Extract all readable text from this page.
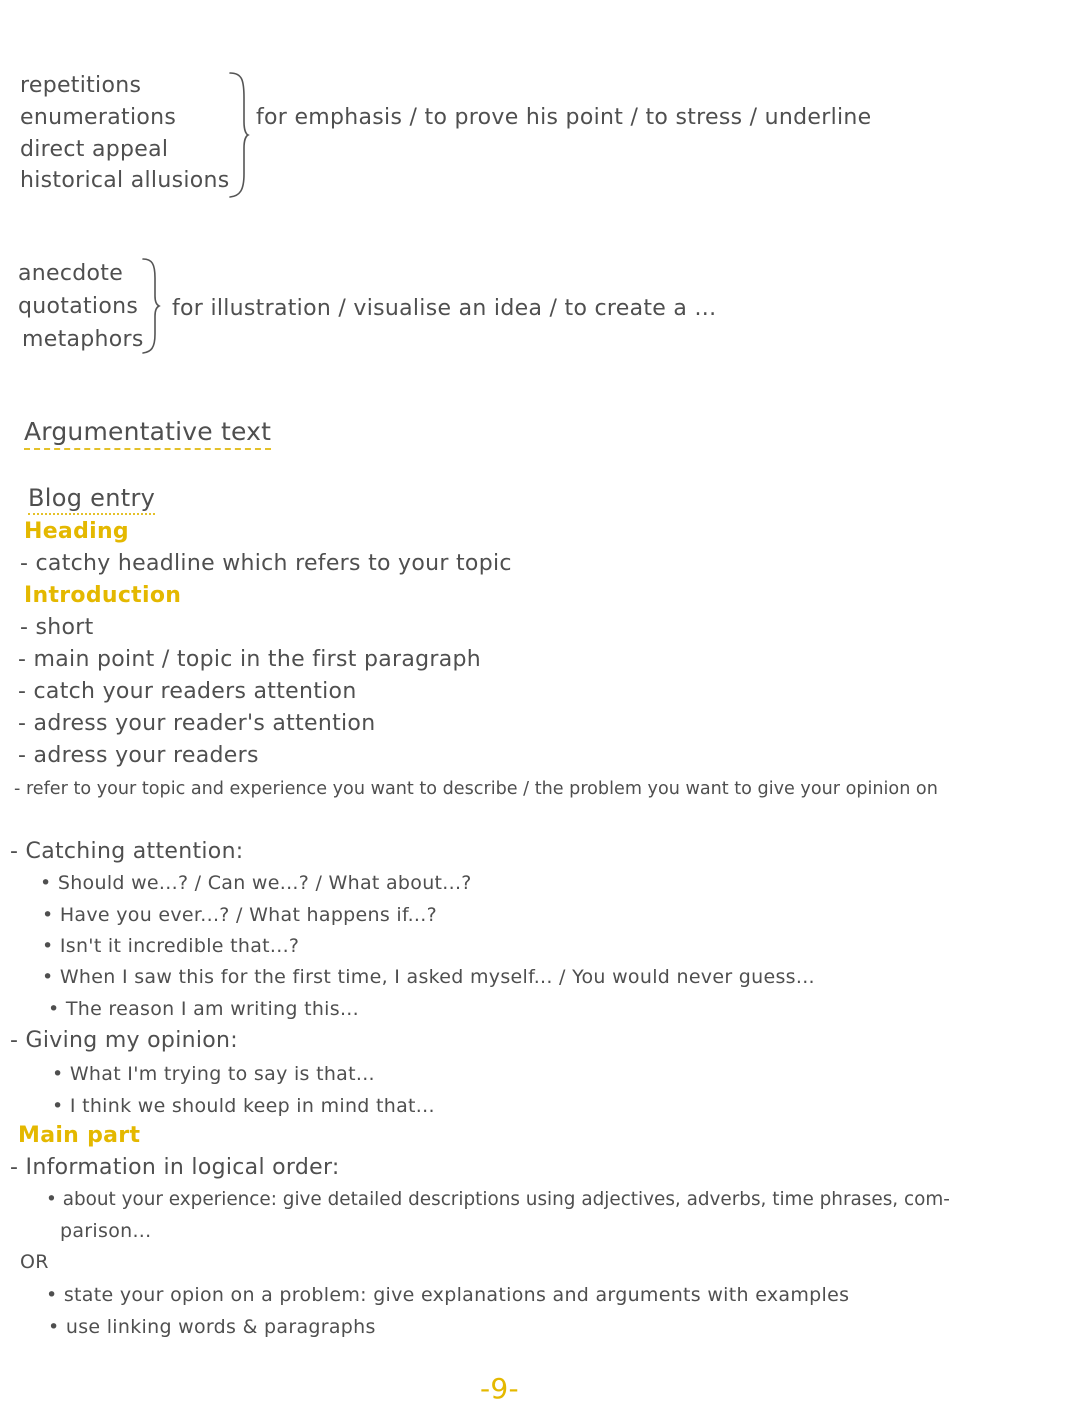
repetitions
enumerations
direct appeal
historical allusions
for emphasis / to prove his point / to stress / underline
anecdote
quotations
metaphors
for illustration / visualise an idea / to create a ...
Argumentative text
Blog entry
Heading
- catchy headline which refers to your topic
Introduction
- short
- main point / topic in the first paragraph
- catch your readers attention
- adress your reader's attention
- adress your readers
- refer to your topic and experience you want to describe / the problem you want to give your opinion on
- Catching attention:
• Should we...? / Can we...? / What about...?
• Have you ever...? / What happens if...?
• Isn't it incredible that...?
• When I saw this for the first time, I asked myself... / You would never guess...
• The reason I am writing this...
- Giving my opinion:
• What I'm trying to say is that...
• I think we should keep in mind that...
Main part
- Information in logical order:
• about your experience: give detailed descriptions using adjectives, adverbs, time phrases, com-
parison...
OR
• state your opion on a problem: give explanations and arguments with examples
• use linking words & paragraphs
-9-
